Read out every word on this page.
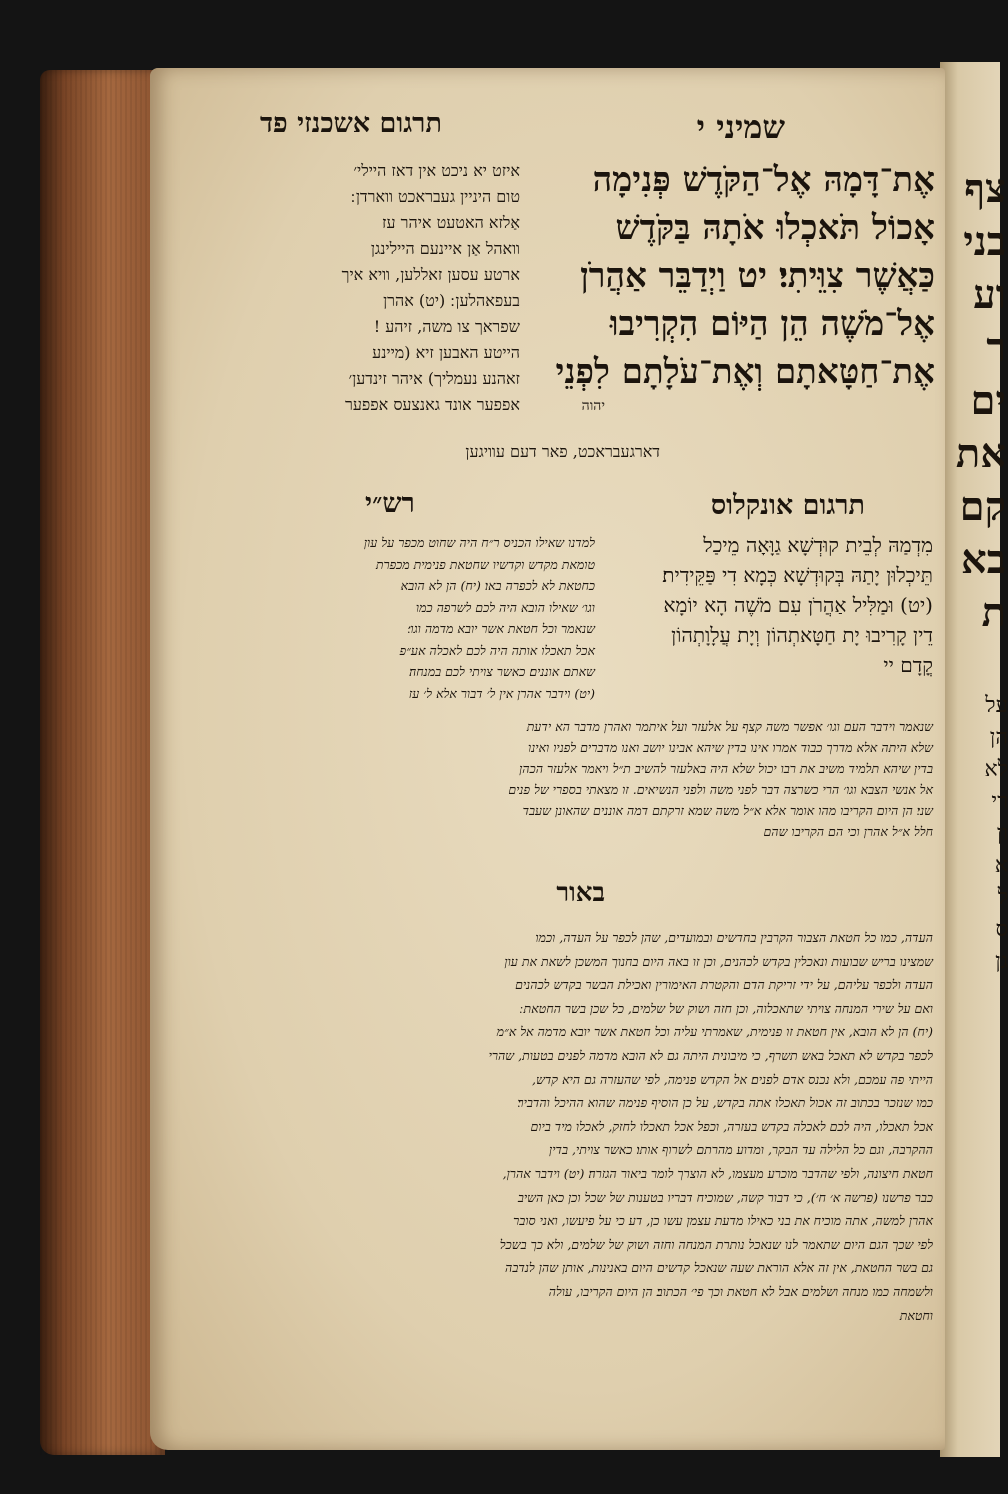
צף
בני
וע
ר
ים
את
קם
בא
ת
על
הן
לא
רי
ון
א
ל
ס
גן
שמיני י
תרגום אשכנזי פד
אֶת־דָּמָהּ אֶל־הַקֹּדֶשׁ פְּנִימָה
אָכוֹל תֹּאכְלוּ אֹתָהּ בַּקֹּדֶשׁ
כַּאֲשֶׁר צִוֵּיתִי׃ יט וַיְדַבֵּר אַהֲרֹן
אֶל־מֹשֶׁה הֵן הַיּוֹם הִקְרִיבוּ
אֶת־חַטָּאתָם וְאֶת־עֹלָתָם לִפְנֵי
יהוה
איזט יא ניכט אין דאז היילי׳
טום היניין געבראכט װארדן ׃
אַלזא האטעט איהר עז
װאהל אַן איינעם היילינגן
ארטע עסען זאללען, װיא איך
בעפאהלען ׃ (יט) אהרן
שפראך צו משה, זיהע !
הייטע האבען זיא (מיינע
זאהנע נעמליך) איהר זינדען׳
אפפער אונד גאנצעס אפפער
דארגעבראכט, פאר דעם עװיגען
תרגום אונקלוס
רש״י
מִדְמַהּ לְבֵית קוּדְשָׁא גַוָּאָה מֵיכַל
תֵּיכְלוּן יָתַהּ בְּקוּדְשָׁא כְּמָא דִי פַּקֵּידִית׃
(יט) וּמַלִּיל אַהֲרֹן עִם מֹשֶׁה הָא יוֹמָא
דֵין קָרִיבוּ יָת חַטָּאתְהוֹן וְיָת עֲלָוָתְהוֹן
קֳדָם יי
למדנו שאילו הכניס ר״ח היה שחוט מכפר על עון
טומאת מקדש וקדשיו שחטאת פנימית מכפרת
כחטאת לא לכפרה באו׃ (יח) הן לא הובא
וגו׳ שאילו הובא היה לכם לשרפה כמו
שנאמר וכל חטאת אשר יובא מדמה וגו׳׃
אכל תאכלו אותה היה לכם לאכלה אע״פ
שאתם אוננים׃ כאשר צויתי לכם במנחה׃
(יט) וידבר אהרן אין ל׳ דבור אלא ל׳ עז
שנאמר וידבר העם וגו׳ אפשר משה קצף על אלעזר ועל איתמר ואהרן מדבר הא ידעת
שלא היתה אלא מדרך כבוד אמרו אינו בדין שיהא אבינו יושב ואנו מדברים לפניו ואינו
בדין שיהא תלמיד משיב את רבו יכול שלא היה באלעזר להשיב ת״ל ויאמר אלעזר הכהן
אל אנשי הצבא וגו׳ הרי כשרצה דבר לפני משה ולפני הנשיאים. זו מצאתי בספרי של פנים
שני׃ הן היום הקריבו מהו אומר אלא א״ל משה שמא זרקתם דמה אוננים שהאונן שעבד
חלל א״ל אהרן וכי הם הקריבו שהם
באור
העדה, כמו כל חטאת הצבור הקרבין בחדשים ובמועדים, שהן לכפר על העדה, וכמו
שמצינו בריש שבועות ונאכלין בקדש לכהנים, וכן זו באה היום בחנוך המשכן לשאת את עון
העדה ולכפר עליהם, על ידי זריקת הדם והקטרת האימורין ואכילת הבשר בקדש לכהנים
ואם על שירי המנחה צויתי שתאכלוה, וכן חזה ושוק של שלמים, כל שכן בשר החטאת ׃
(יח) הן לא הובא, אין חטאת זו פנימית, שאמרתי עליה וכל חטאת אשר יובא מדמה אל א״מ
לכפר בקדש לא תאכל באש תשרף, כי מיבונית היתה גם לא הובא מדמה לפנים בטעות, שהרי
הייתי פה עמכם, ולא נכנס אדם לפנים׃ אל הקדש פנימה, לפי שהעזרה גם היא קדש,
כמו שנזכר בכתוב זה אכול תאכלו אתה בקדש, על כן הוסיף פנימה שהוא ההיכל והדביר׃
אכל תאכלו, היה לכם לאכלה בקדש בעזרה, וכפל אכל תאכלו לחזק, לאכלו מיד ביום
ההקרבה, וגם כל הלילה עד הבקר, ומדוע מהרתם לשרוף אותו׃ כאשר צויתי, בדין
חטאת חיצונה, ולפי שהדבר מוכרע מעצמו, לא הוצרך לומר ביאור הגזרה׃ (יט) וידבר אהרן,
כבר פרשנו (פרשה א׳ ח׳), כי דבור קשה, שמוכיח דבריו בטענות של שכל וכן כאן השיב
אהרן למשה, אתה מוכיח את בני כאילו מדעת עצמן עשו כן, דע כי על פיעשו, ואני סובר
לפי שכך הגם היום שתאמר לנו שנאכל נותרת המנחה וחזה ושוק של שלמים, ולא כך בשכל
גם בשר החטאת, אין זה אלא הוראת שעה שנאכל קדשים היום באנינות, אותן שהן לנדבה
ולשמחה כמו מנחה ושלמים אבל לא חטאת וכך פי׳ הכתוב׃ הן היום הקריבו, עולה
וחטאת
